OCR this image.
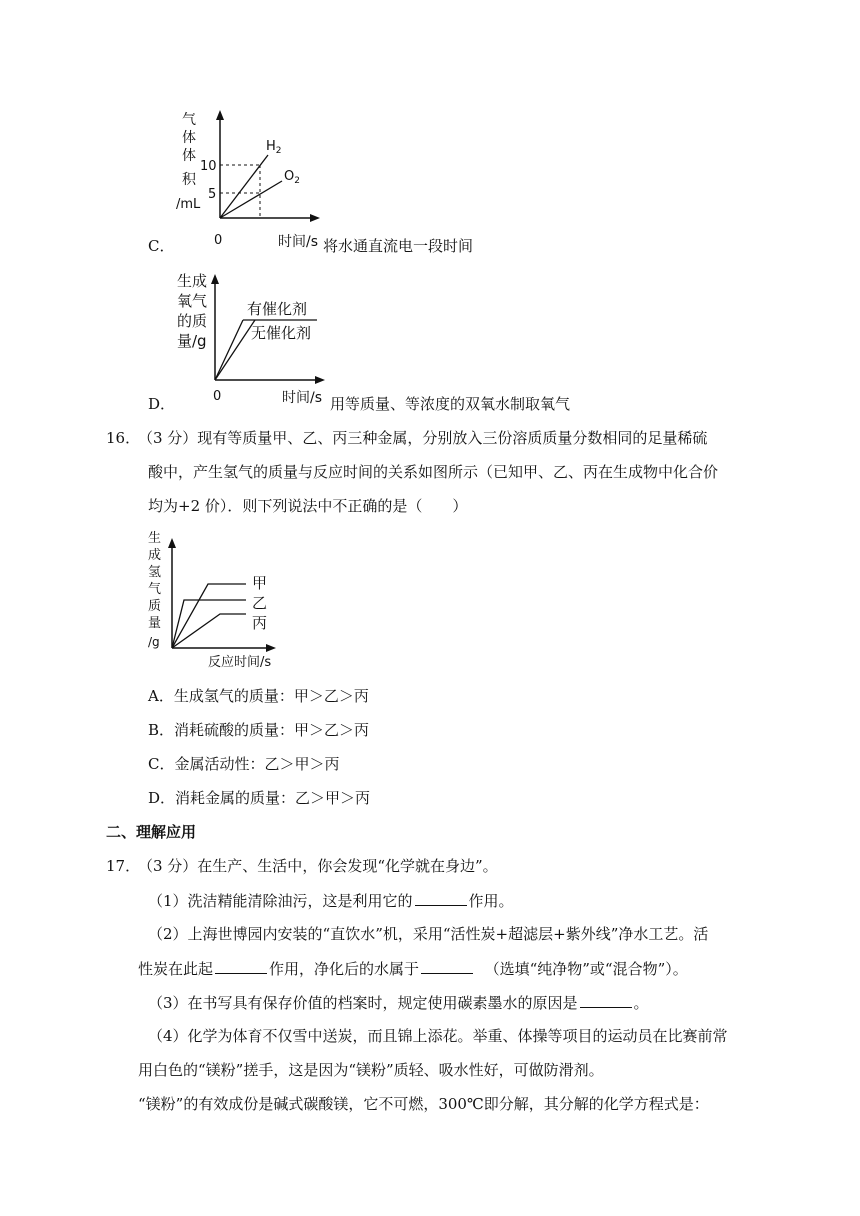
气
体
体
积
/mL
10
5
$H_2$
$O_2$
0
C．	时间/s 将水通直流电一段时间
生成
氧气
的质
量/g
有催化剂
无催化剂
0
D．	时间/s 用等质量、等浓度的双氧水制取氧气
16．
（3 分）现有等质量甲、乙、丙三种金属，分别放入三份溶质质量分数相同的足量稀硫
酸中，产生氢气的质量与反应时间的关系如图所示（已知甲、乙、丙在生成物中化合价
均为+2 价）．则下列说法中不正确的是（　　）
生
成
氢
气
质
量
/g
甲
乙
丙
反应时间/s
A．生成氢气的质量：甲＞乙＞丙
B．消耗硫酸的质量：甲＞乙＞丙
C．金属活动性：乙＞甲＞丙
D．消耗金属的质量：乙＞甲＞丙
二、理解应用
17．
（3 分）在生产、生活中，你会发现“化学就在身边”。
（1）洗洁精能清除油污，这是利用它的	作用。
（2）上海世博园内安装的“直饮水”机，采用“活性炭+超滤层+紫外线”净水工艺。活
性炭在此起	作用，净化后的水属于	（选填“纯净物”或“混合物”）。
（3）在书写具有保存价值的档案时，规定使用碳素墨水的原因是	。
（4）化学为体育不仅雪中送炭，而且锦上添花。举重、体操等项目的运动员在比赛前常
用白色的“镁粉”搓手，这是因为“镁粉”质轻、吸水性好，可做防滑剂。
“镁粉”的有效成份是碱式碳酸镁，它不可燃，300℃即分解，其分解的化学方程式是：
